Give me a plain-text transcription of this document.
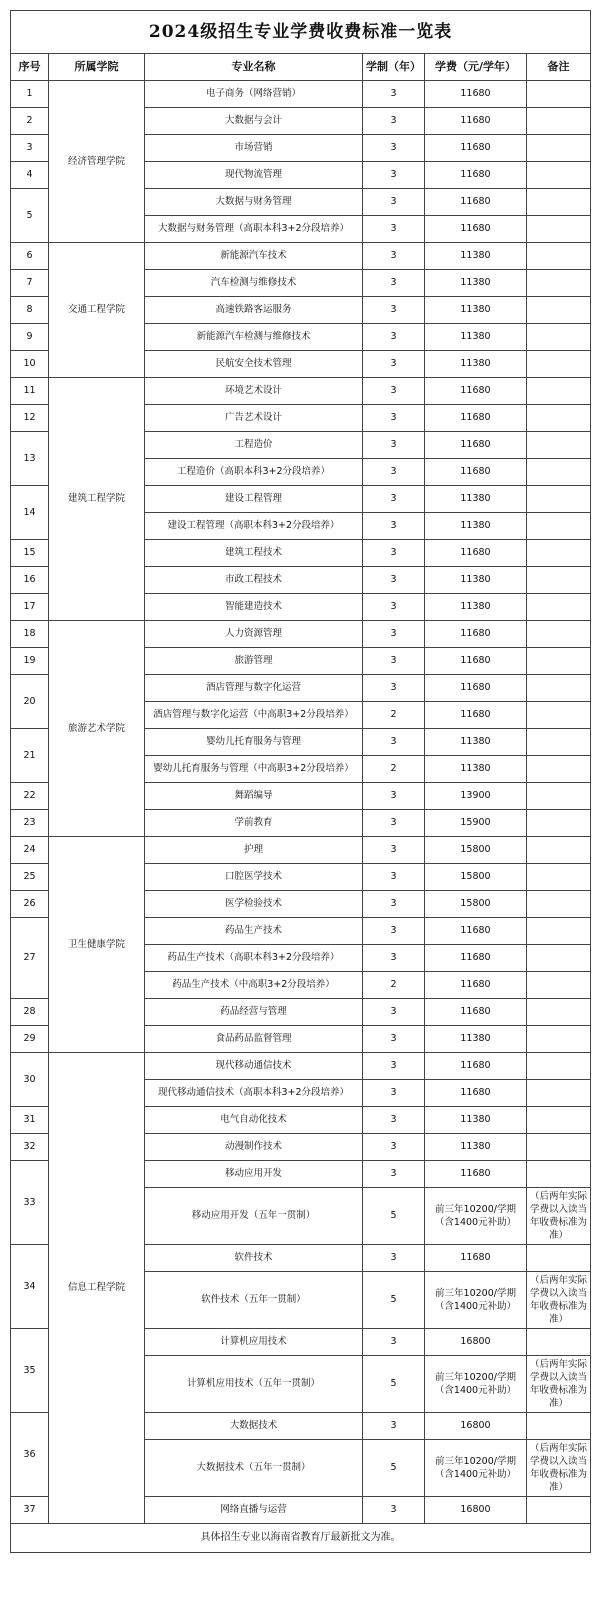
2024级招生专业学费收费标准一览表					
序号	所属学院	专业名称	学制（年）	学费（元/学年）	备注
1	经济管理学院	电子商务（网络营销）	3	11680	
2		大数据与会计	3	11680	
3		市场营销	3	11680	
4		现代物流管理	3	11680	
5		大数据与财务管理	3	11680	
		大数据与财务管理（高职本科3+2分段培养）	3	11680	
6	交通工程学院	新能源汽车技术	3	11380	
7		汽车检测与维修技术	3	11380	
8		高速铁路客运服务	3	11380	
9		新能源汽车检测与维修技术	3	11380	
10		民航安全技术管理	3	11380	
11	建筑工程学院	环境艺术设计	3	11680	
12		广告艺术设计	3	11680	
13		工程造价	3	11680	
		工程造价（高职本科3+2分段培养）	3	11680	
14		建设工程管理	3	11380	
		建设工程管理（高职本科3+2分段培养）	3	11380	
15		建筑工程技术	3	11680	
16		市政工程技术	3	11380	
17		智能建造技术	3	11380	
18	旅游艺术学院	人力资源管理	3	11680	
19		旅游管理	3	11680	
20		酒店管理与数字化运营	3	11680	
		酒店管理与数字化运营（中高职3+2分段培养）	2	11680	
21		婴幼儿托育服务与管理	3	11380	
		婴幼儿托育服务与管理（中高职3+2分段培养）	2	11380	
22		舞蹈编导	3	13900	
23		学前教育	3	15900	
24	卫生健康学院	护理	3	15800	
25		口腔医学技术	3	15800	
26		医学检验技术	3	15800	
27		药品生产技术	3	11680	
		药品生产技术（高职本科3+2分段培养）	3	11680	
		药品生产技术（中高职3+2分段培养）	2	11680	
28		药品经营与管理	3	11680	
29		食品药品监督管理	3	11380	
30	信息工程学院	现代移动通信技术	3	11680	
		现代移动通信技术（高职本科3+2分段培养）	3	11680	
31		电气自动化技术	3	11380	
32		动漫制作技术	3	11380	
33		移动应用开发	3	11680	
		移动应用开发（五年一贯制）	5	前三年10200/学期（含1400元补助）	（后两年实际学费以入读当年收费标准为准）
34		软件技术	3	11680	
		软件技术（五年一贯制）	5	前三年10200/学期（含1400元补助）	（后两年实际学费以入读当年收费标准为准）
35		计算机应用技术	3	16800	
		计算机应用技术（五年一贯制）	5	前三年10200/学期（含1400元补助）	（后两年实际学费以入读当年收费标准为准）
36		大数据技术	3	16800	
		大数据技术（五年一贯制）	5	前三年10200/学期（含1400元补助）	（后两年实际学费以入读当年收费标准为准）
37		网络直播与运营	3	16800	
具体招生专业以海南省教育厅最新批文为准。					
